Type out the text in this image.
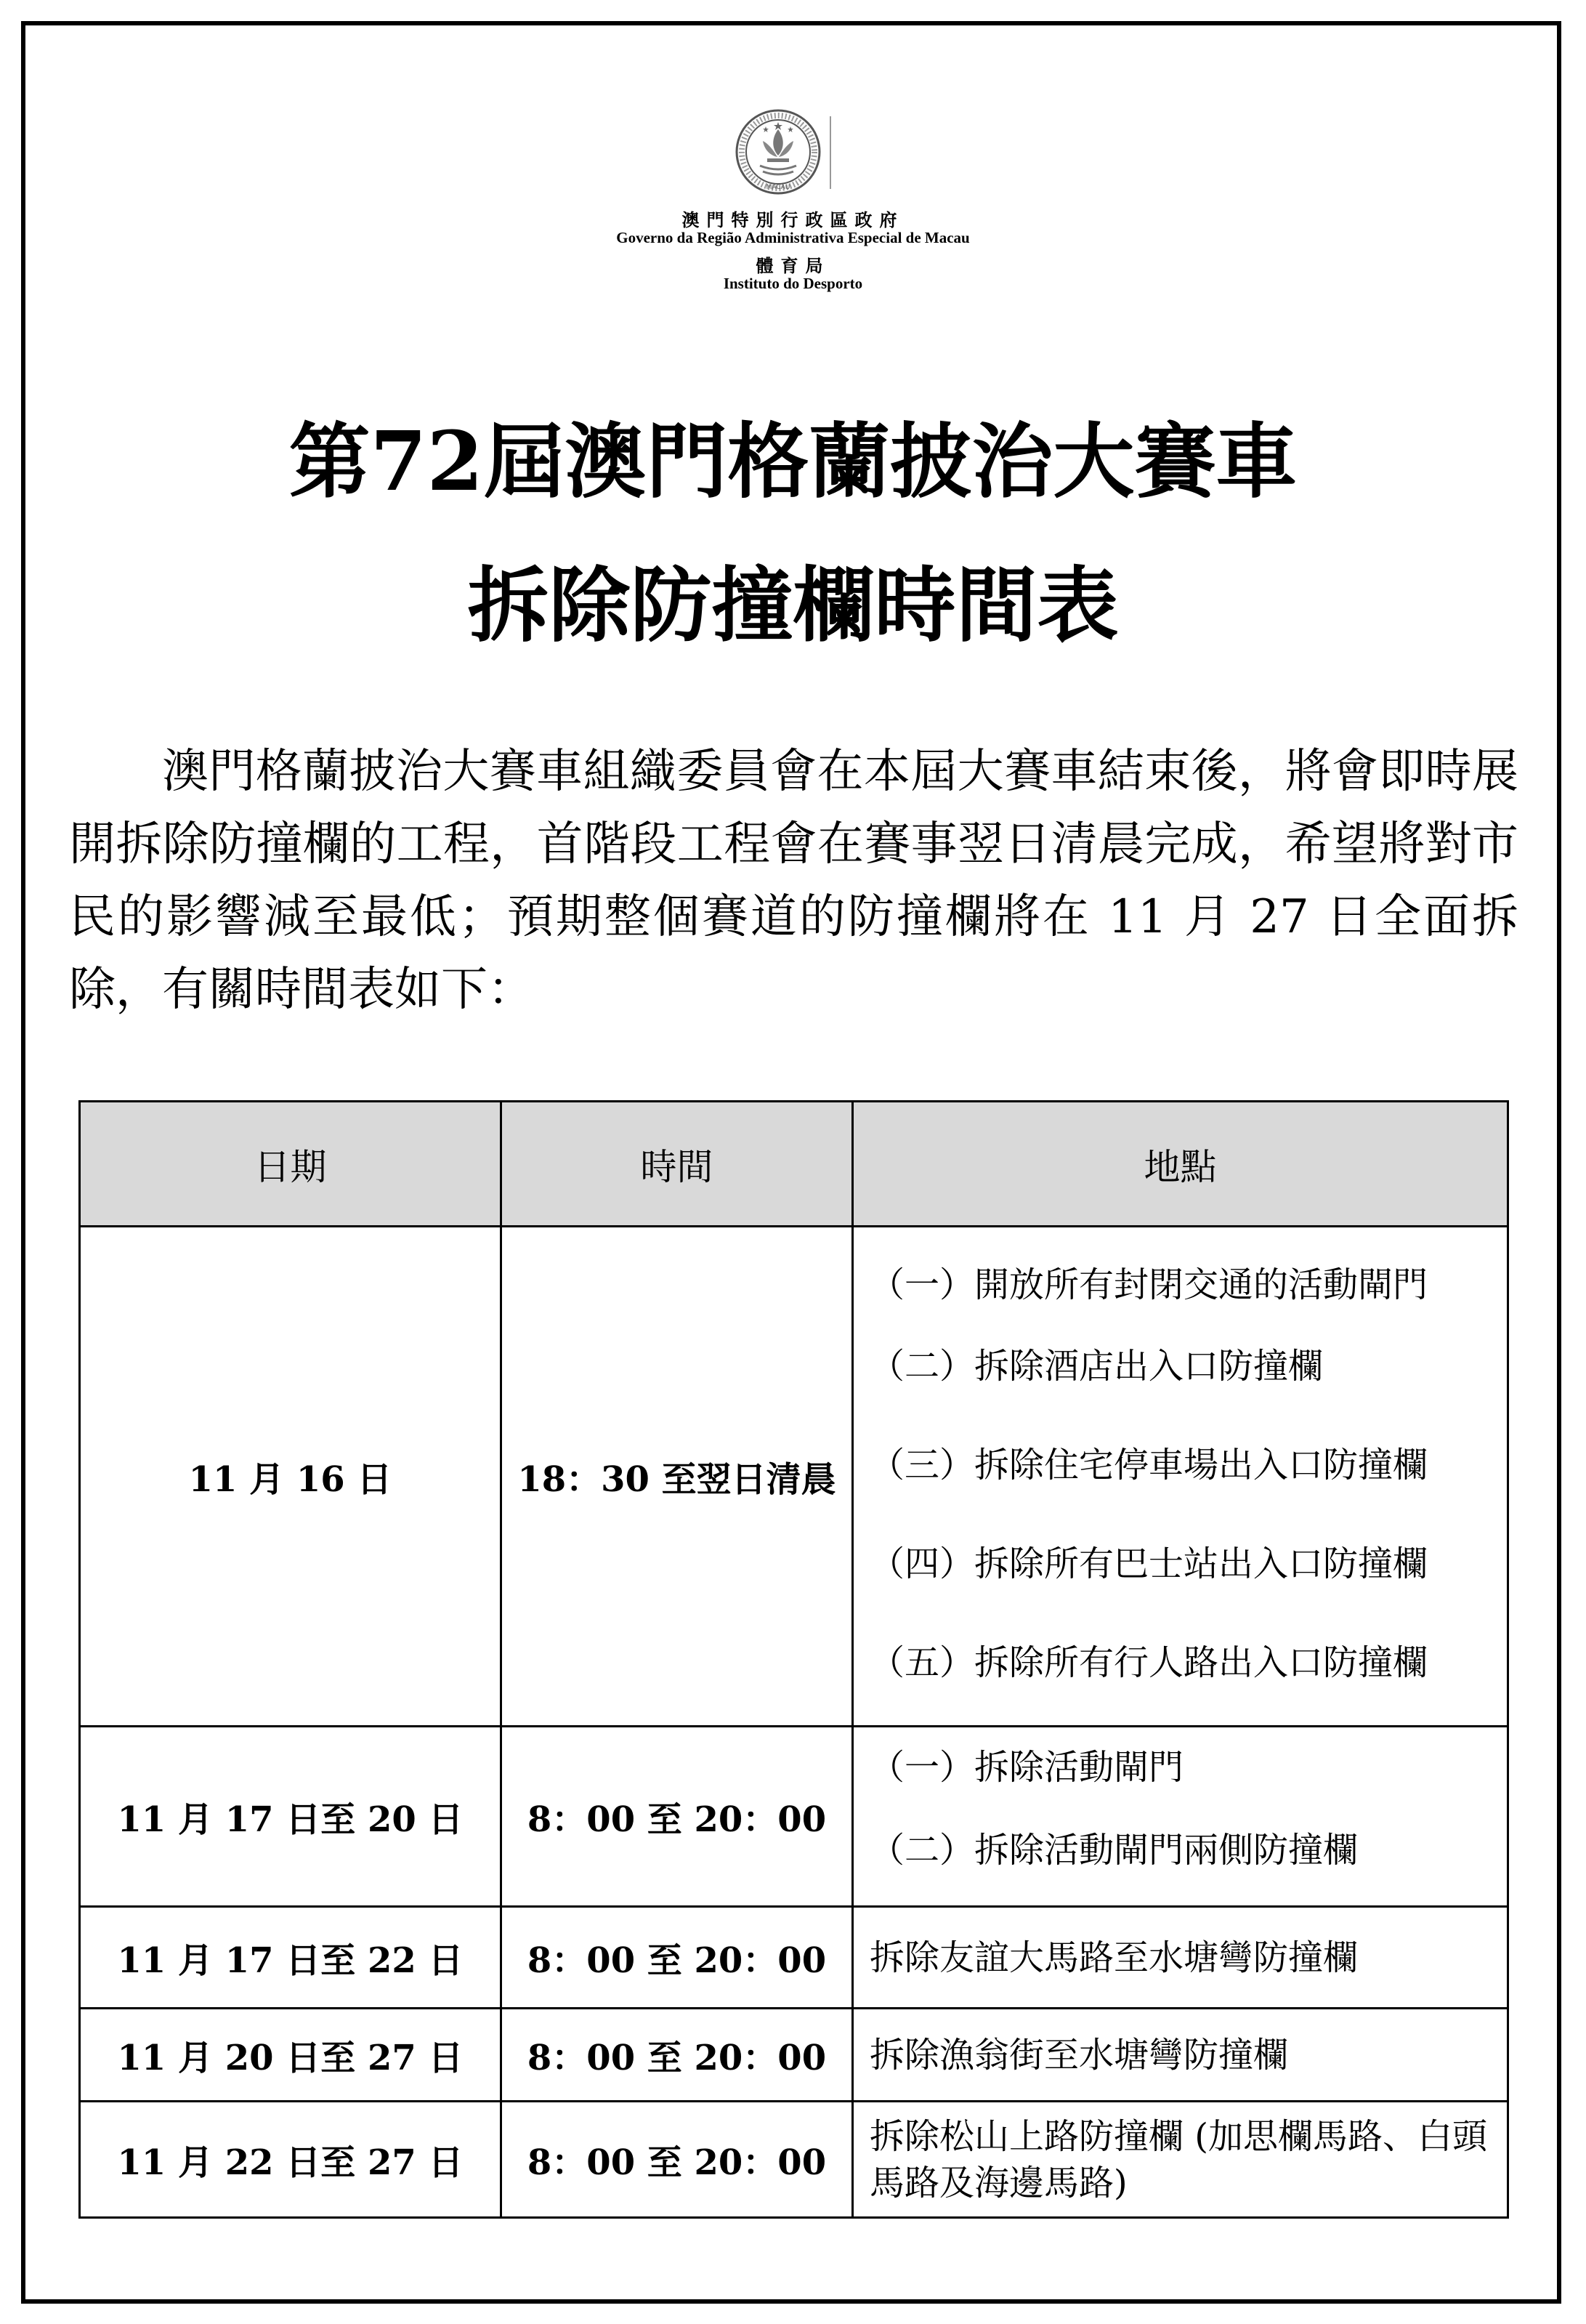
MACAU
澳門特別行政區政府
Governo da Região Administrativa Especial de Macau
體育局
Instituto do Desporto
第72屆澳門格蘭披治大賽車
拆除防撞欄時間表
澳門格蘭披治大賽車組織委員會在本屆大賽車結束後，將會即時展開拆除防撞欄的工程，首階段工程會在賽事翌日清晨完成，希望將對市民的影響減至最低；預期整個賽道的防撞欄將在 11 月 27 日全面拆除，有關時間表如下：
日期	時間	地點
11 月 16 日	18：30 至翌日清晨	（一）開放所有封閉交通的活動閘門
（二）拆除酒店出入口防撞欄
（三）拆除住宅停車場出入口防撞欄
（四）拆除所有巴士站出入口防撞欄
（五）拆除所有行人路出入口防撞欄

11 月 17 日至 20 日	8：00 至 20：00	（一）拆除活動閘門
（二）拆除活動閘門兩側防撞欄

11 月 17 日至 22 日	8：00 至 20：00	拆除友誼大馬路至水塘彎防撞欄
11 月 20 日至 27 日	8：00 至 20：00	拆除漁翁街至水塘彎防撞欄
11 月 22 日至 27 日	8：00 至 20：00	拆除松山上路防撞欄 (加思欄馬路、白頭馬路及海邊馬路)
